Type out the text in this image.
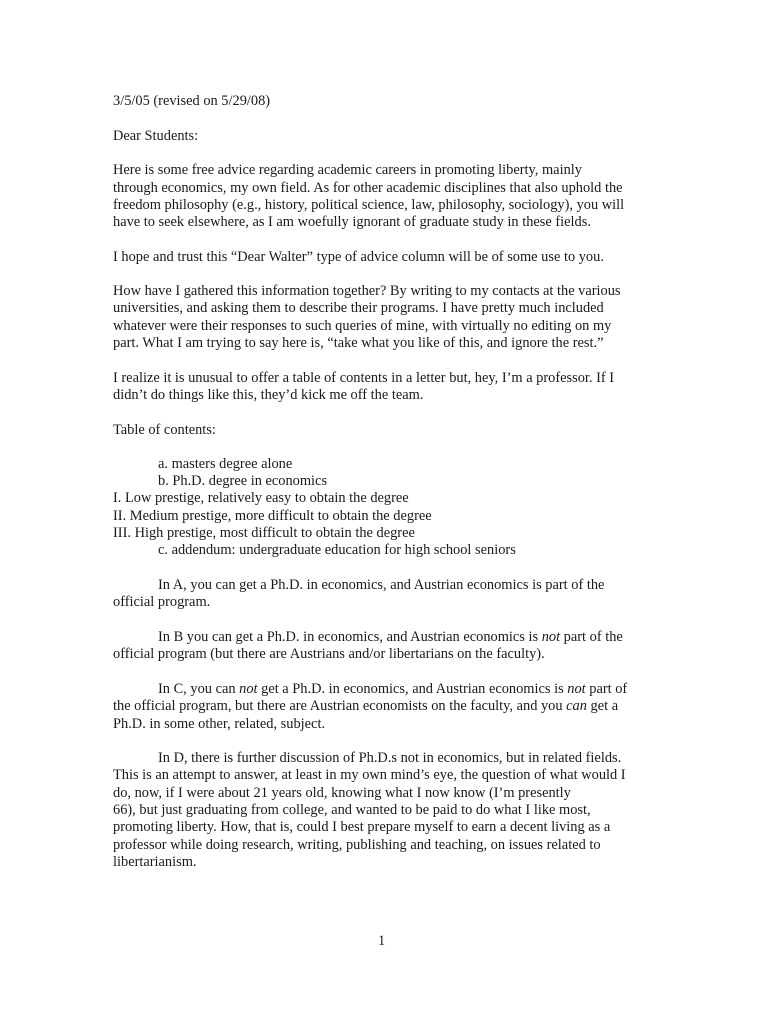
3/5/05 (revised on 5/29/08)
Dear Students:
Here is some free advice regarding academic careers in promoting liberty, mainly
through economics, my own field. As for other academic disciplines that also uphold the
freedom philosophy (e.g., history, political science, law, philosophy, sociology), you will
have to seek elsewhere, as I am woefully ignorant of graduate study in these fields.
I hope and trust this “Dear Walter” type of advice column will be of some use to you.
How have I gathered this information together? By writing to my contacts at the various
universities, and asking them to describe their programs. I have pretty much included
whatever were their responses to such queries of mine, with virtually no editing on my
part. What I am trying to say here is, “take what you like of this, and ignore the rest.”
I realize it is unusual to offer a table of contents in a letter but, hey, I’m a professor. If I
didn’t do things like this, they’d kick me off the team.
Table of contents:
a. masters degree alone
b. Ph.D. degree in economics
I. Low prestige, relatively easy to obtain the degree
II. Medium prestige, more difficult to obtain the degree
III. High prestige, most difficult to obtain the degree
c. addendum: undergraduate education for high school seniors
In A, you can get a Ph.D. in economics, and Austrian economics is part of the
official program.
In B you can get a Ph.D. in economics, and Austrian economics is not part of the
official program (but there are Austrians and/or libertarians on the faculty).
In C, you can not get a Ph.D. in economics, and Austrian economics is not part of
the official program, but there are Austrian economists on the faculty, and you can get a
Ph.D. in some other, related, subject.
In D, there is further discussion of Ph.D.s not in economics, but in related fields.
This is an attempt to answer, at least in my own mind’s eye, the question of what would I
do, now, if I were about 21 years old, knowing what I now know (I’m presently
66), but just graduating from college, and wanted to be paid to do what I like most,
promoting liberty. How, that is, could I best prepare myself to earn a decent living as a
professor while doing research, writing, publishing and teaching, on issues related to
libertarianism.
1
